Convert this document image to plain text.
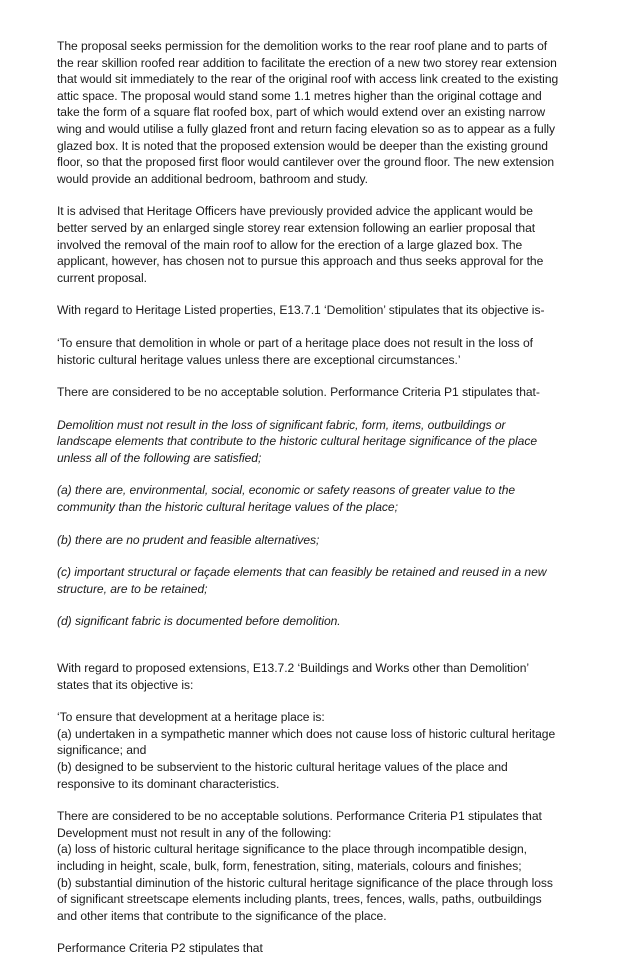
The proposal seeks permission for the demolition works to the rear roof plane and to parts of
the rear skillion roofed rear addition to facilitate the erection of a new two storey rear extension
that would sit immediately to the rear of the original roof with access link created to the existing
attic space. The proposal would stand some 1.1 metres higher than the original cottage and
take the form of a square flat roofed box, part of which would extend over an existing narrow
wing and would utilise a fully glazed front and return facing elevation so as to appear as a fully
glazed box. It is noted that the proposed extension would be deeper than the existing ground
floor, so that the proposed first floor would cantilever over the ground floor. The new extension
would provide an additional bedroom, bathroom and study.

It is advised that Heritage Officers have previously provided advice the applicant would be
better served by an enlarged single storey rear extension following an earlier proposal that
involved the removal of the main roof to allow for the erection of a large glazed box. The
applicant, however, has chosen not to pursue this approach and thus seeks approval for the
current proposal.

With regard to Heritage Listed properties, E13.7.1 ‘Demolition’ stipulates that its objective is-

‘To ensure that demolition in whole or part of a heritage place does not result in the loss of
historic cultural heritage values unless there are exceptional circumstances.’

There are considered to be no acceptable solution. Performance Criteria P1 stipulates that-

Demolition must not result in the loss of significant fabric, form, items, outbuildings or
landscape elements that contribute to the historic cultural heritage significance of the place
unless all of the following are satisfied;

(a) there are, environmental, social, economic or safety reasons of greater value to the
community than the historic cultural heritage values of the place;

(b) there are no prudent and feasible alternatives;

(c) important structural or façade elements that can feasibly be retained and reused in a new
structure, are to be retained;

(d) significant fabric is documented before demolition.

With regard to proposed extensions, E13.7.2 ‘Buildings and Works other than Demolition’
states that its objective is:

‘To ensure that development at a heritage place is:
(a) undertaken in a sympathetic manner which does not cause loss of historic cultural heritage
significance; and
(b) designed to be subservient to the historic cultural heritage values of the place and
responsive to its dominant characteristics.

There are considered to be no acceptable solutions. Performance Criteria P1 stipulates that
Development must not result in any of the following:
(a) loss of historic cultural heritage significance to the place through incompatible design,
including in height, scale, bulk, form, fenestration, siting, materials, colours and finishes;
(b) substantial diminution of the historic cultural heritage significance of the place through loss
of significant streetscape elements including plants, trees, fences, walls, paths, outbuildings
and other items that contribute to the significance of the place.

Performance Criteria P2 stipulates that
